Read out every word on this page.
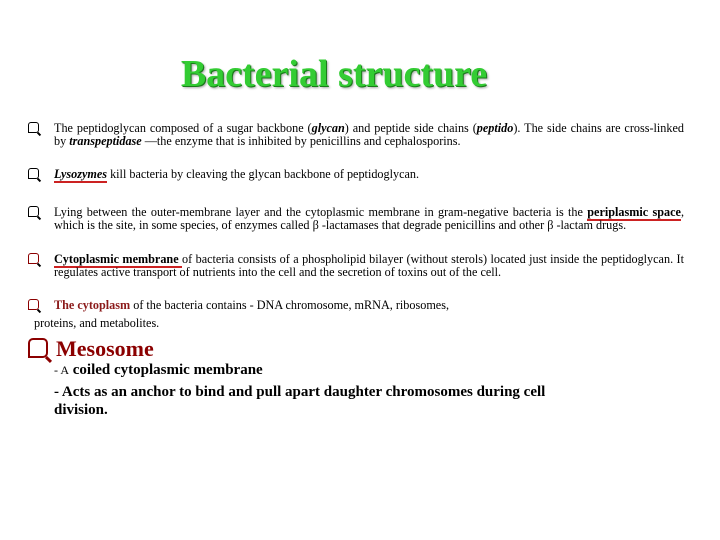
Bacterial structure
The peptidoglycan composed of a sugar backbone (glycan) and peptide side chains (peptido). The side chains are cross-linked by transpeptidase —the enzyme that is inhibited by penicillins and cephalosporins.
Lysozymes kill bacteria by cleaving the glycan backbone of peptidoglycan.
Lying between the outer-membrane layer and the cytoplasmic membrane in gram-negative bacteria is the periplasmic space, which is the site, in some species, of enzymes called β -lactamases that degrade penicillins and other β -lactam drugs.
Cytoplasmic membrane of bacteria consists of a phospholipid bilayer (without sterols) located just inside the peptidoglycan. It regulates active transport of nutrients into the cell and the secretion of toxins out of the cell.
The cytoplasm of the bacteria contains - DNA chromosome, mRNA, ribosomes,
proteins, and metabolites.
Mesosome
- A coiled cytoplasmic membrane
- Acts as an anchor to bind and pull apart daughter chromosomes during cell
division.
